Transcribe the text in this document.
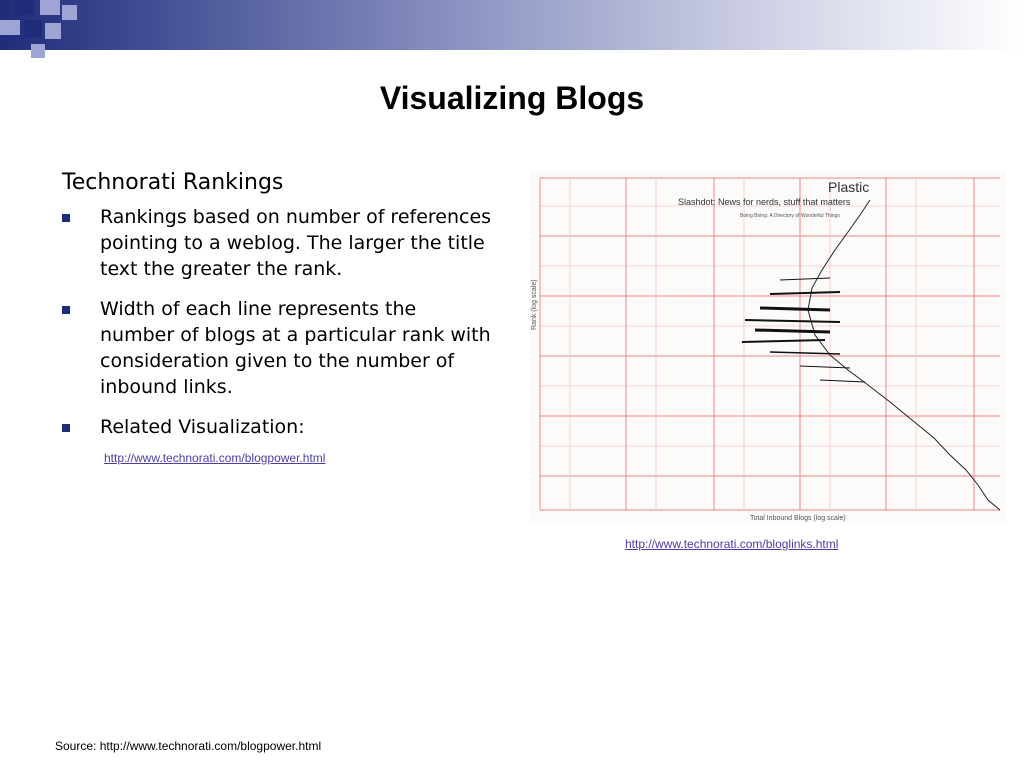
Visualizing Blogs
Technorati Rankings
Rankings based on number of references pointing to a weblog. The larger the title text the greater the rank.
Width of each line represents the number of blogs at a particular rank with consideration given to the number of inbound links.
Related Visualization:
http://www.technorati.com/blogpower.html
Plastic
Slashdot: News for nerds, stuff that matters
Boing Boing: A Directory of Wonderful Things
Rank (log scale)
Total Inbound Blogs (log scale)
http://www.technorati.com/bloglinks.html
Source: http://www.technorati.com/blogpower.html
